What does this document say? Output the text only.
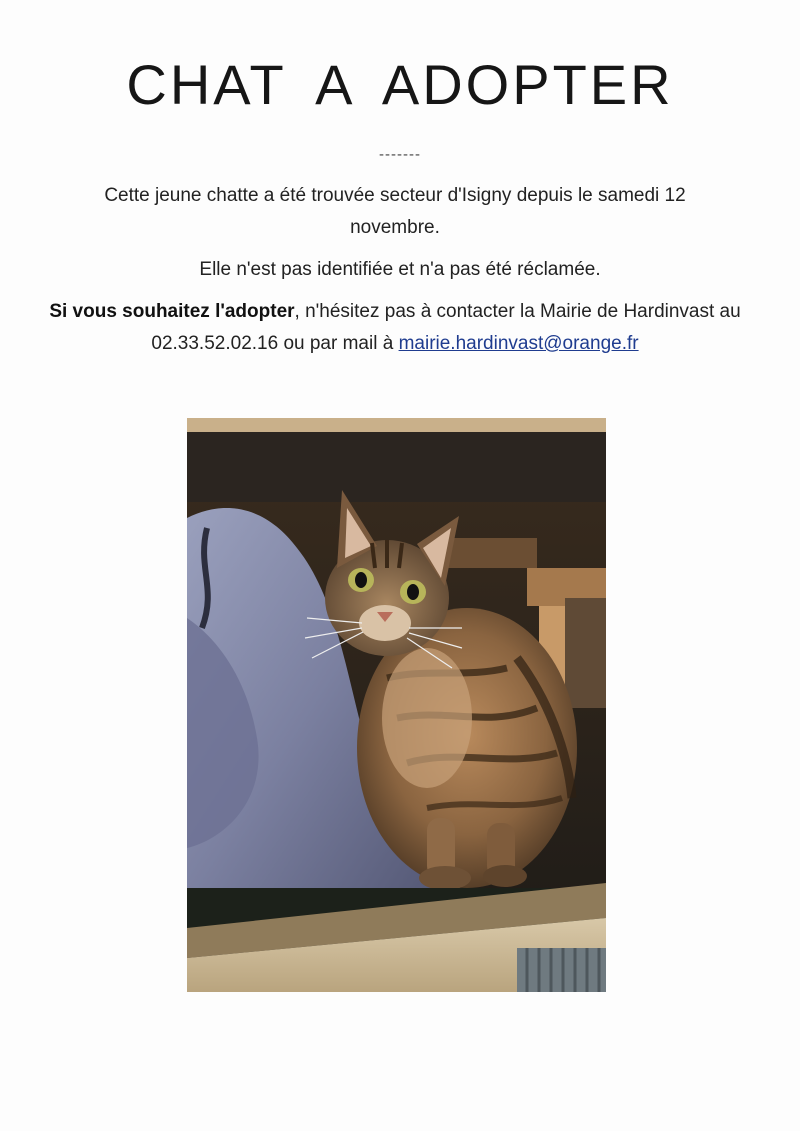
CHAT A ADOPTER
-------
Cette jeune chatte a été trouvée secteur d'Isigny depuis le samedi 12 novembre.
Elle n'est pas identifiée et n'a pas été réclamée.
Si vous souhaitez l'adopter, n'hésitez pas à contacter la Mairie de Hardinvast au 02.33.52.02.16 ou par mail à mairie.hardinvast@orange.fr
